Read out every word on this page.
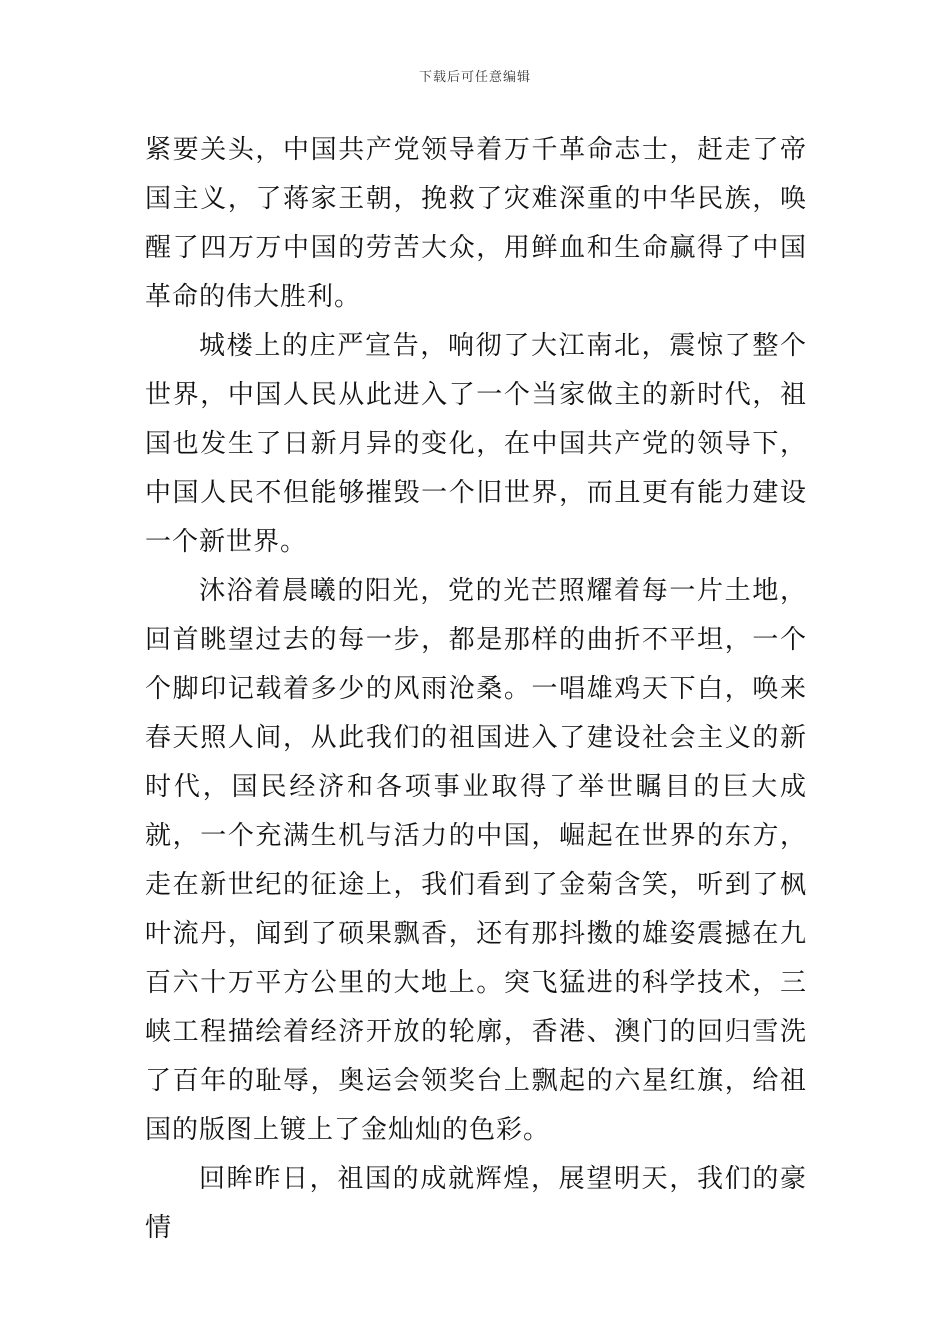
下载后可任意编辑

紧要关头，中国共产党领导着万千革命志士，赶走了帝国主义，了蒋家王朝，挽救了灾难深重的中华民族，唤醒了四万万中国的劳苦大众，用鲜血和生命赢得了中国革命的伟大胜利。

城楼上的庄严宣告，响彻了大江南北，震惊了整个世界，中国人民从此进入了一个当家做主的新时代，祖国也发生了日新月异的变化，在中国共产党的领导下，中国人民不但能够摧毁一个旧世界，而且更有能力建设一个新世界。

沐浴着晨曦的阳光，党的光芒照耀着每一片土地，回首眺望过去的每一步，都是那样的曲折不平坦，一个个脚印记载着多少的风雨沧桑。一唱雄鸡天下白，唤来春天照人间，从此我们的祖国进入了建设社会主义的新时代，国民经济和各项事业取得了举世瞩目的巨大成就，一个充满生机与活力的中国，崛起在世界的东方，走在新世纪的征途上，我们看到了金菊含笑，听到了枫叶流丹，闻到了硕果飘香，还有那抖擞的雄姿震撼在九百六十万平方公里的大地上。突飞猛进的科学技术，三峡工程描绘着经济开放的轮廓，香港、澳门的回归雪洗了百年的耻辱，奥运会领奖台上飘起的六星红旗，给祖国的版图上镀上了金灿灿的色彩。

回眸昨日，祖国的成就辉煌，展望明天，我们的豪情
